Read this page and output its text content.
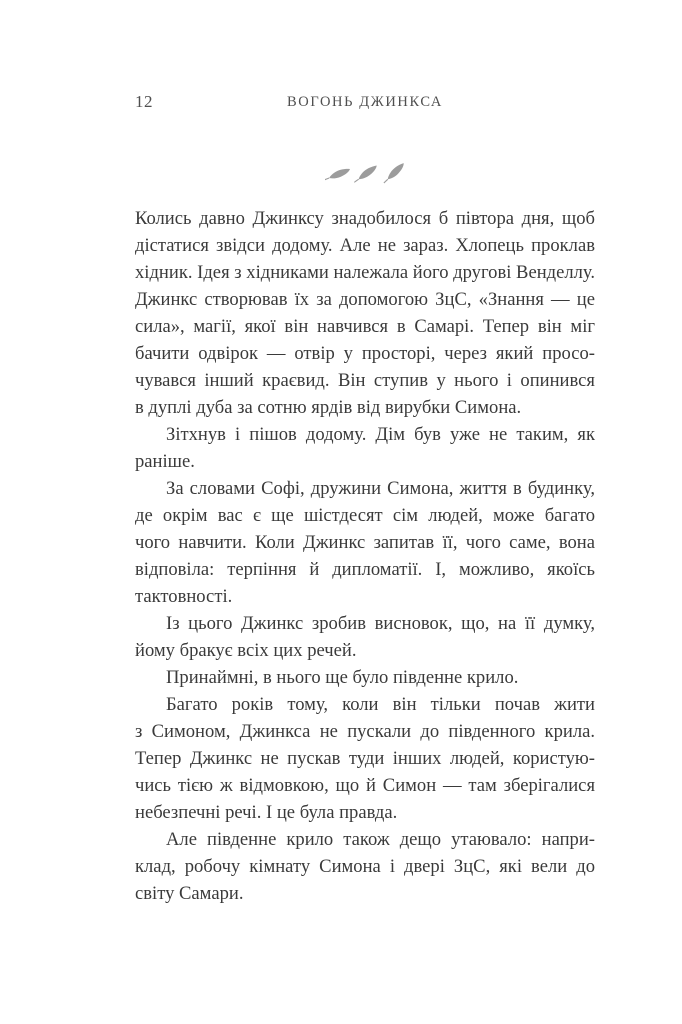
12	ВОГОНЬ ДЖИНКСА
Колись давно Джинксу знадобилося б півтора дня, щоб
дістатися звідси додому. Але не зараз. Хлопець проклав
хідник. Ідея з хідниками належала його другові Венделлу.
Джинкс створював їх за допомогою ЗцС, «Знання — це
сила», магії, якої він навчився в Самарі. Тепер він міг
бачити одвірок — отвір у просторі, через який просо-
чувався інший краєвид. Він ступив у нього і опинився
в дуплі дуба за сотню ярдів від вирубки Симона.
Зітхнув і пішов додому. Дім був уже не таким, як
раніше.
За словами Софі, дружини Симона, життя в будинку,
де окрім вас є ще шістдесят сім людей, може багато
чого навчити. Коли Джинкс запитав її, чого саме, вона
відповіла: терпіння й дипломатії. І, можливо, якоїсь
тактовності.
Із цього Джинкс зробив висновок, що, на її думку,
йому бракує всіх цих речей.
Принаймні, в нього ще було південне крило.
Багато років тому, коли він тільки почав жити
з Симоном, Джинкса не пускали до південного крила.
Тепер Джинкс не пускав туди інших людей, користую-
чись тією ж відмовкою, що й Симон — там зберігалися
небезпечні речі. І це була правда.
Але південне крило також дещо утаювало: напри-
клад, робочу кімнату Симона і двері ЗцС, які вели до
світу Самари.
